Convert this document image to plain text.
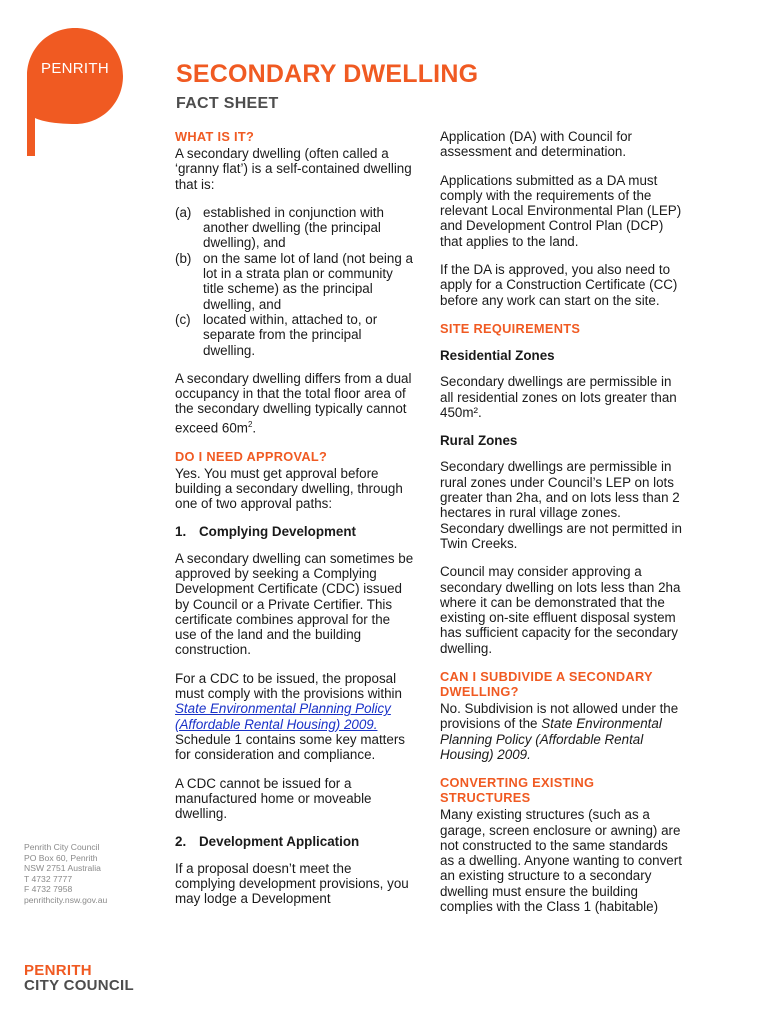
PENRITH	SECONDARY DWELLING
FACT SHEET
WHAT IS IT?

A secondary dwelling (often called a ‘granny flat’) is a self-contained dwelling that is:

(a) established in conjunction with another dwelling (the principal dwelling), and
(b) on the same lot of land (not being a lot in a strata plan or community title scheme) as the principal dwelling, and
(c) located within, attached to, or separate from the principal dwelling.

A secondary dwelling differs from a dual occupancy in that the total floor area of the secondary dwelling typically cannot exceed $60m^2$.

DO I NEED APPROVAL?

Yes. You must get approval before building a secondary dwelling, through one of two approval paths:

1. Complying Development

A secondary dwelling can sometimes be approved by seeking a Complying Development Certificate (CDC) issued by Council or a Private Certifier. This certificate combines approval for the use of the land and the building construction.

For a CDC to be issued, the proposal must comply with the provisions within State Environmental Planning Policy (Affordable Rental Housing) 2009. Schedule 1 contains some key matters for consideration and compliance.

A CDC cannot be issued for a manufactured home or moveable dwelling.

2. Development Application

If a proposal doesn’t meet the complying development provisions, you may lodge a Development

Application (DA) with Council for assessment and determination.

Applications submitted as a DA must comply with the requirements of the relevant Local Environmental Plan (LEP) and Development Control Plan (DCP) that applies to the land.

If the DA is approved, you also need to apply for a Construction Certificate (CC) before any work can start on the site.

SITE REQUIREMENTS
Residential Zones

Secondary dwellings are permissible in all residential zones on lots greater than 450m².

Rural Zones

Secondary dwellings are permissible in rural zones under Council’s LEP on lots greater than 2ha, and on lots less than 2 hectares in rural village zones. Secondary dwellings are not permitted in Twin Creeks.

Council may consider approving a secondary dwelling on lots less than 2ha where it can be demonstrated that the existing on-site effluent disposal system has sufficient capacity for the secondary dwelling.

CAN I SUBDIVIDE A SECONDARY DWELLING?

No. Subdivision is not allowed under the provisions of the State Environmental Planning Policy (Affordable Rental Housing) 2009.

CONVERTING EXISTING STRUCTURES

Many existing structures (such as a garage, screen enclosure or awning) are not constructed to the same standards as a dwelling. Anyone wanting to convert an existing structure to a secondary dwelling must ensure the building complies with the Class 1 (habitable)

Penrith City Council
PO Box 60, Penrith
NSW 2751 Australia
T 4732 7777
F 4732 7958
penrithcity.nsw.gov.au
PENRITH
CITY COUNCIL
